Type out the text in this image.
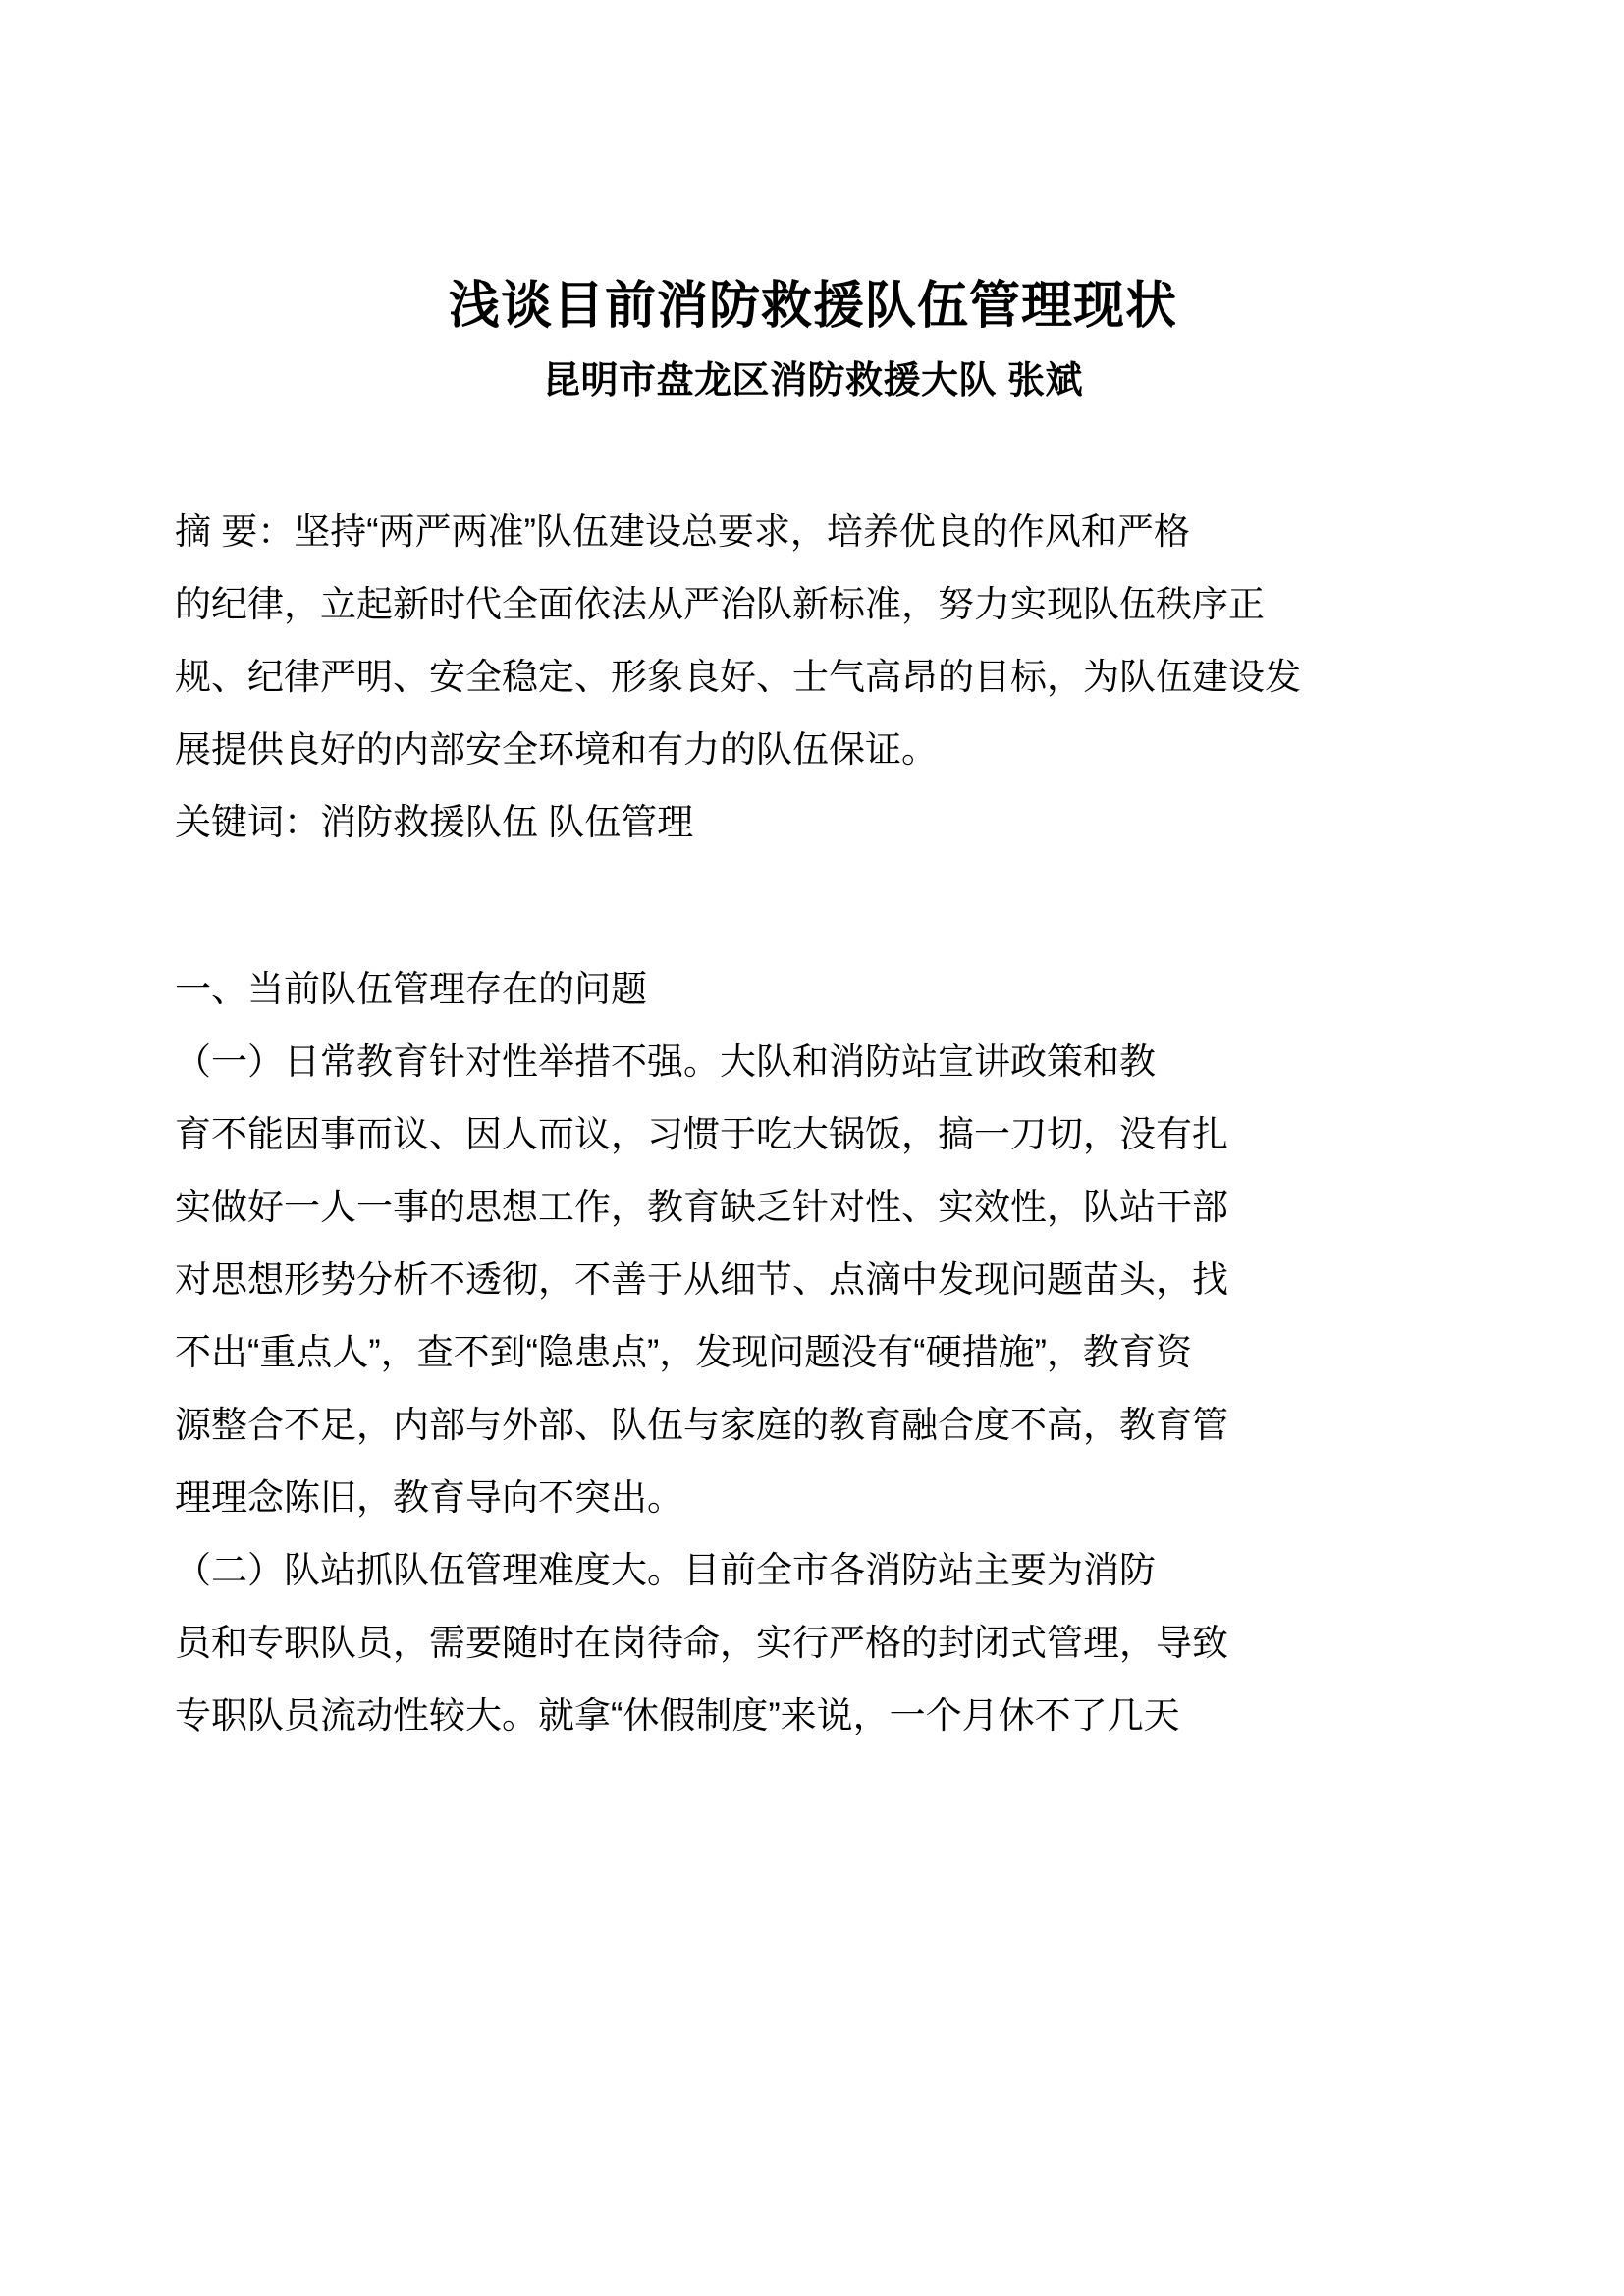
浅谈目前消防救援队伍管理现状
昆明市盘龙区消防救援大队 张斌
摘 要：坚持“两严两准”队伍建设总要求，培养优良的作风和严格
的纪律，立起新时代全面依法从严治队新标准，努力实现队伍秩序正
规、纪律严明、安全稳定、形象良好、士气高昂的目标，为队伍建设发
展提供良好的内部安全环境和有力的队伍保证。
关键词：消防救援队伍 队伍管理
一、当前队伍管理存在的问题
（一）日常教育针对性举措不强。大队和消防站宣讲政策和教
育不能因事而议、因人而议，习惯于吃大锅饭，搞一刀切，没有扎
实做好一人一事的思想工作，教育缺乏针对性、实效性，队站干部
对思想形势分析不透彻，不善于从细节、点滴中发现问题苗头，找
不出“重点人”，查不到“隐患点”，发现问题没有“硬措施”，教育资
源整合不足，内部与外部、队伍与家庭的教育融合度不高，教育管
理理念陈旧，教育导向不突出。
（二）队站抓队伍管理难度大。目前全市各消防站主要为消防
员和专职队员，需要随时在岗待命，实行严格的封闭式管理，导致
专职队员流动性较大。就拿“休假制度”来说，一个月休不了几天
